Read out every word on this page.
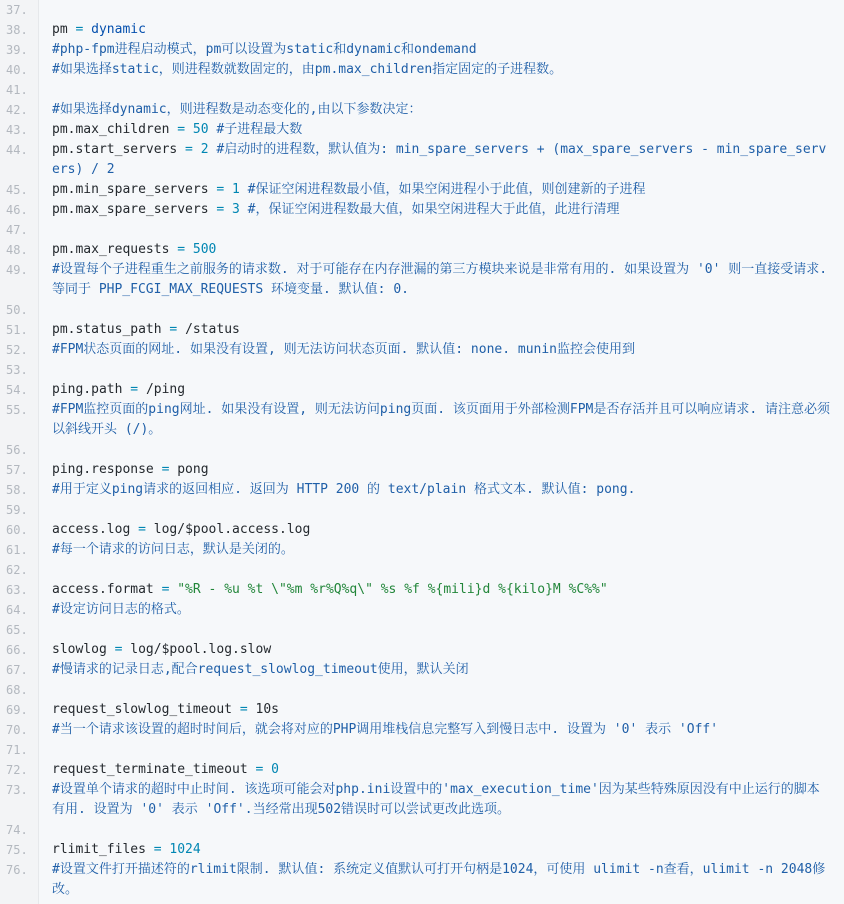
37.
38. pm = dynamic
39. #php-fpm进程启动模式，pm可以设置为static和dynamic和ondemand
40. #如果选择static，则进程数就数固定的，由pm.max_children指定固定的子进程数。
41.
42. #如果选择dynamic，则进程数是动态变化的,由以下参数决定：
43. pm.max_children = 50 #子进程最大数
44. pm.start_servers = 2 #启动时的进程数，默认值为: min_spare_servers + (max_spare_servers - min_spare_servers) / 2
45. pm.min_spare_servers = 1 #保证空闲进程数最小值，如果空闲进程小于此值，则创建新的子进程
46. pm.max_spare_servers = 3 #，保证空闲进程数最大值，如果空闲进程大于此值，此进行清理
47.
48. pm.max_requests = 500
49. #设置每个子进程重生之前服务的请求数. 对于可能存在内存泄漏的第三方模块来说是非常有用的. 如果设置为 '0' 则一直接受请求. 等同于 PHP_FCGI_MAX_REQUESTS 环境变量. 默认值: 0.
50.
51. pm.status_path = /status
52. #FPM状态页面的网址. 如果没有设置, 则无法访问状态页面. 默认值: none. munin监控会使用到
53.
54. ping.path = /ping
55. #FPM监控页面的ping网址. 如果没有设置, 则无法访问ping页面. 该页面用于外部检测FPM是否存活并且可以响应请求. 请注意必须以斜线开头 (/)。
56.
57. ping.response = pong
58. #用于定义ping请求的返回相应. 返回为 HTTP 200 的 text/plain 格式文本. 默认值: pong.
59.
60. access.log = log/$pool.access.log
61. #每一个请求的访问日志，默认是关闭的。
62.
63. access.format = "%R - %u %t \"%m %r%Q%q\" %s %f %{mili}d %{kilo}M %C%%"
64. #设定访问日志的格式。
65.
66. slowlog = log/$pool.log.slow
67. #慢请求的记录日志,配合request_slowlog_timeout使用，默认关闭
68.
69. request_slowlog_timeout = 10s
70. #当一个请求该设置的超时时间后，就会将对应的PHP调用堆栈信息完整写入到慢日志中. 设置为 '0' 表示 'Off'
71.
72. request_terminate_timeout = 0
73. #设置单个请求的超时中止时间. 该选项可能会对php.ini设置中的'max_execution_time'因为某些特殊原因没有中止运行的脚本有用. 设置为 '0' 表示 'Off'.当经常出现502错误时可以尝试更改此选项。
74.
75. rlimit_files = 1024
76. #设置文件打开描述符的rlimit限制. 默认值: 系统定义值默认可打开句柄是1024，可使用 ulimit -n查看，ulimit -n 2048修改。
